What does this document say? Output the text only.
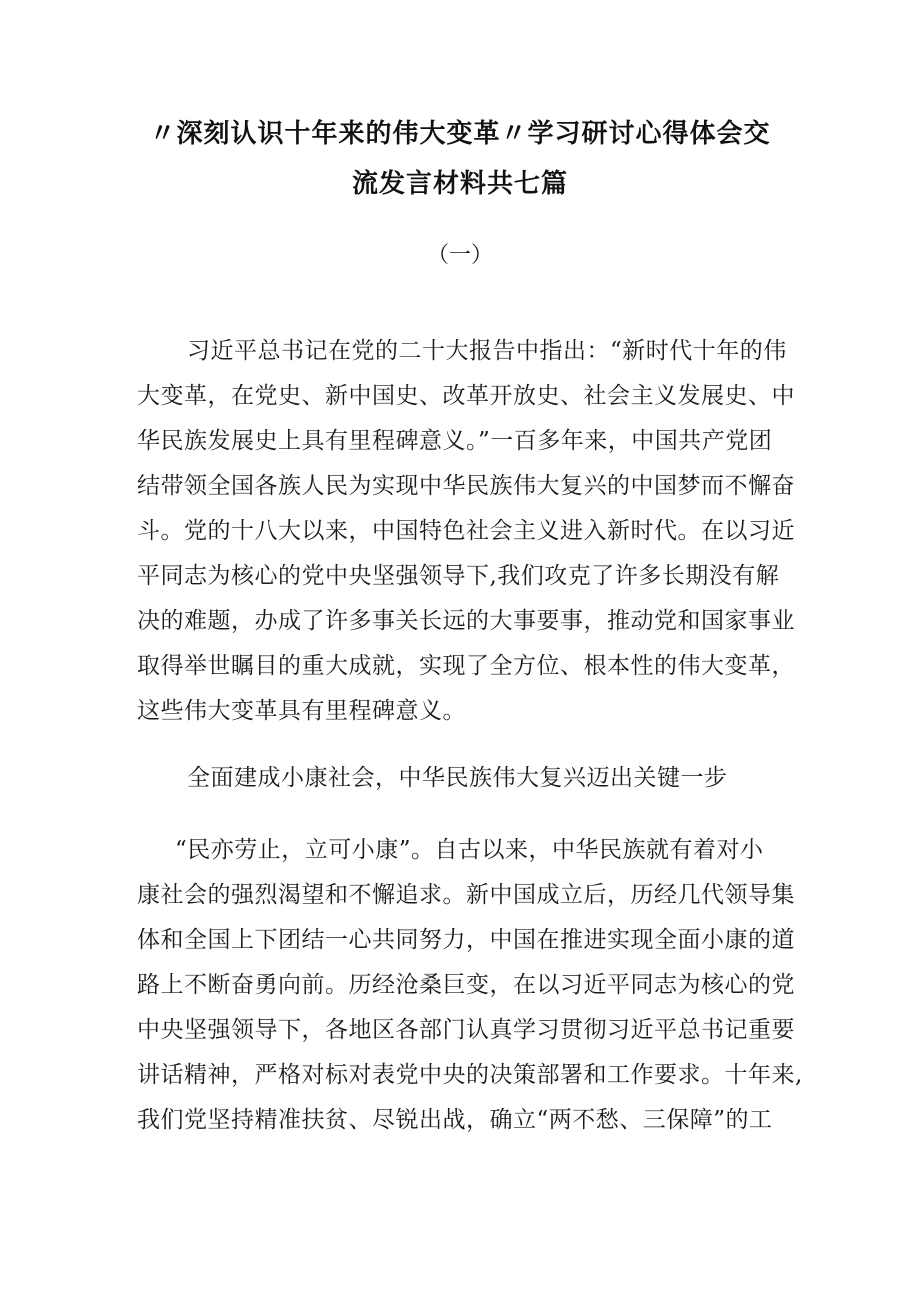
〃深刻认识十年来的伟大变革〃学习研讨心得体会交
流发言材料共七篇

（一）

习近平总书记在党的二十大报告中指出：“新时代十年的伟

大变革，在党史、新中国史、改革开放史、社会主义发展史、中

华民族发展史上具有里程碑意义。”一百多年来，中国共产党团

结带领全国各族人民为实现中华民族伟大复兴的中国梦而不懈奋

斗。党的十八大以来，中国特色社会主义进入新时代。在以习近

平同志为核心的党中央坚强领导下,我们攻克了许多长期没有解

决的难题，办成了许多事关长远的大事要事，推动党和国家事业

取得举世瞩目的重大成就，实现了全方位、根本性的伟大变革，

这些伟大变革具有里程碑意义。

全面建成小康社会，中华民族伟大复兴迈出关键一步

“民亦劳止，立可小康”。自古以来，中华民族就有着对小

康社会的强烈渴望和不懈追求。新中国成立后，历经几代领导集

体和全国上下团结一心共同努力，中国在推进实现全面小康的道

路上不断奋勇向前。历经沧桑巨变，在以习近平同志为核心的党

中央坚强领导下，各地区各部门认真学习贯彻习近平总书记重要

讲话精神，严格对标对表党中央的决策部署和工作要求。十年来,

我们党坚持精准扶贫、尽锐出战，确立“两不愁、三保障”的工
